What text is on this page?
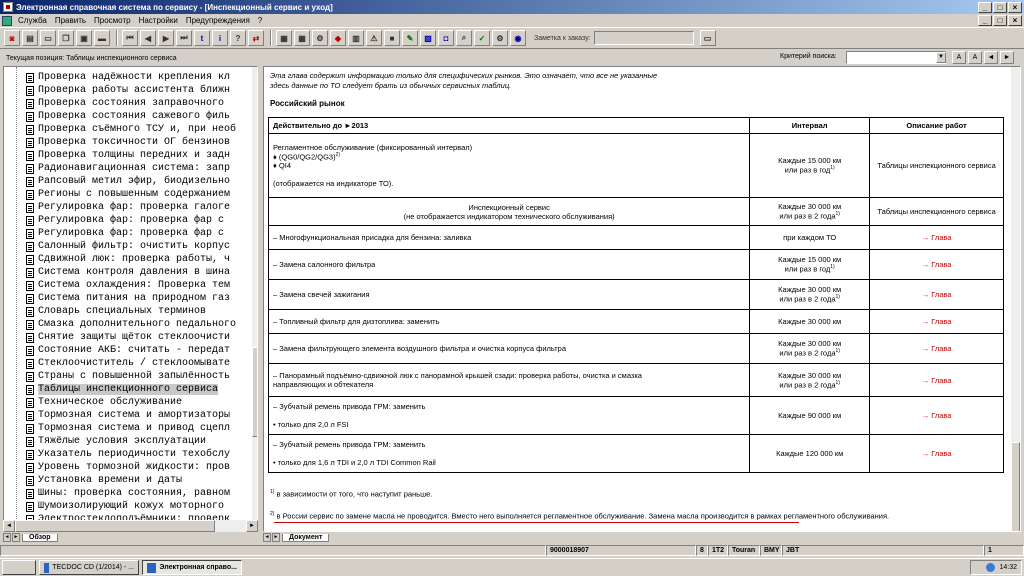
Электронная справочная система по сервису - [Инспекционный сервис и уход]	_	□	×
Служба	Править	Просмотр	Настройки	Предупреждения	?	_	□	×
◙	▤	▭	❐	▣	▬	⏮	◀	▶	⏭	t	i	?	⇄	▦	▦	⚙	◆	▥	⚠	■	✎	▧	◘	⌕	✓	⚙	◉	Заметка к заказу:	▭
Текущая позиция: Таблицы инспекционного сервиса	Критерий поиска:	▼	A	A	◄	►
Проверка надёжности крепления кл
Проверка работы ассистента ближн
Проверка состояния заправочного
Проверка состояния сажевого филь
Проверка съёмного ТСУ и, при необ
Проверка токсичности ОГ бензинов
Проверка толщины передних и задн
Радионавигационная система: запр
Рапсовый метил эфир, биодизельно
Регионы с повышенным содержанием
Регулировка фар: проверка галоге
Регулировка фар: проверка фар с
Регулировка фар: проверка фар с
Салонный фильтр: очистить корпус
Сдвижной люк: проверка работы, ч
Система контроля давления в шина
Система охлаждения: Проверка тем
Система питания на природном газ
Словарь специальных терминов
Смазка дополнительного педального
Снятие защиты щёток стеклоочисти
Состояние АКБ: считать - передат
Стеклоочиститель / стеклоомывате
Страны с повышенной запылённость
Таблицы инспекционного сервиса
Техническое обслуживание
Тормозная система и амортизаторы
Тормозная система и привод сцепл
Тяжёлые условия эксплуатации
Указатель периодичности техобслу
Уровень тормозной жидкости: пров
Установка времени и даты
Шины: проверка состояния, равном
Шумоизолирующий кожух моторного
◄	►
◄ ►	Обзор
Эта глава содержит информацию только для специфических рынков. Это означает, что все не указанные
здесь данные по ТО следует брать из обычных сервисных таблиц.
Российский рынок
Действительно до ►2013	Интервал	Описание работ

Регламентное обслуживание (фиксированный интервал)
♦ (QG0/QG2/QG3)$^{2)}$
♦ QI4
(отображается на индикаторе ТО).	Каждые 15 000 км
или раз в год$^{1)}$	Таблицы инспекционного сервиса

Инспекционный сервис
(не отображается индикатором технического обслуживания)	Каждые 30 000 км
или раз в 2 года$^{1)}$	Таблицы инспекционного сервиса

– Многофункциональная присадка для бензина: заливка	при каждом ТО	→ Глава

– Замена салонного фильтра	Каждые 15 000 км
или раз в год$^{1)}$	→ Глава

– Замена свечей зажигания	Каждые 30 000 км
или раз в 2 года$^{1)}$	→ Глава

– Топливный фильтр для дизтоплива: заменить	Каждые 30 000 км	→ Глава

– Замена фильтрующего элемента воздушного фильтра и очистка корпуса фильтра	Каждые 30 000 км
или раз в 2 года$^{1)}$	→ Глава

– Панорамный подъёмно-сдвижной люк с панорамной крышей сзади: проверка работы, очистка и смазка
направляющих и обтекателя	Каждые 30 000 км
или раз в 2 года$^{1)}$	→ Глава

– Зубчатый ремень привода ГРМ: заменить
• только для 2,0 л FSI	Каждые 90 000 км	→ Глава

– Зубчатый ремень привода ГРМ: заменить
• только для 1,6 л TDI и 2,0 л TDI Common Rail	Каждые 120 000 км	→ Глава
$^{1)}$ в зависимости от того, что наступит раньше.
$^{2)}$ в России сервис по замене масла не проводится. Вместо него выполняется регламентное обслуживание. Замена масла производится в рамках регламентного обслуживания.
◄ ►	Документ
9000018907	8	1T2	Touran	BMY JBT	1
TECDOC CD (1/2014) - ...	Электронная справо...	14:32
